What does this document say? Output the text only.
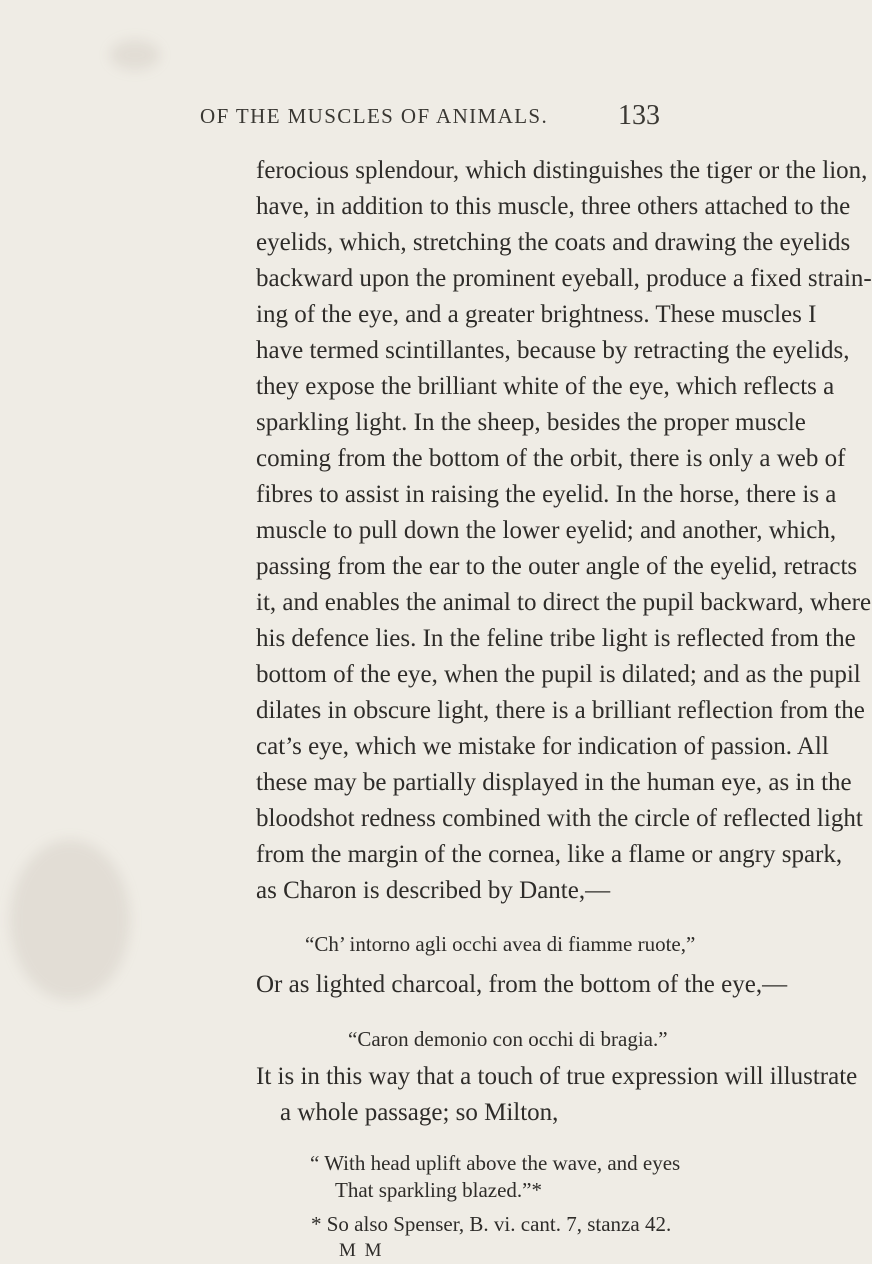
OF THE MUSCLES OF ANIMALS. 133
ferocious splendour, which distinguishes the tiger or the lion,
have, in addition to this muscle, three others attached to the
eyelids, which, stretching the coats and drawing the eyelids
backward upon the prominent eyeball, produce a fixed strain-
ing of the eye, and a greater brightness. These muscles I
have termed scintillantes, because by retracting the eyelids,
they expose the brilliant white of the eye, which reflects a
sparkling light. In the sheep, besides the proper muscle
coming from the bottom of the orbit, there is only a web of
fibres to assist in raising the eyelid. In the horse, there is a
muscle to pull down the lower eyelid; and another, which,
passing from the ear to the outer angle of the eyelid, retracts
it, and enables the animal to direct the pupil backward, where
his defence lies. In the feline tribe light is reflected from the
bottom of the eye, when the pupil is dilated; and as the pupil
dilates in obscure light, there is a brilliant reflection from the
cat’s eye, which we mistake for indication of passion. All
these may be partially displayed in the human eye, as in the
bloodshot redness combined with the circle of reflected light
from the margin of the cornea, like a flame or angry spark,
as Charon is described by Dante,—
“Ch’ intorno agli occhi avea di fiamme ruote,”
Or as lighted charcoal, from the bottom of the eye,—
“Caron demonio con occhi di bragia.”
It is in this way that a touch of true expression will illustrate
a whole passage; so Milton,
“ With head uplift above the wave, and eyes
That sparkling blazed.”*
* So also Spenser, B. vi. cant. 7, stanza 42.
M M
